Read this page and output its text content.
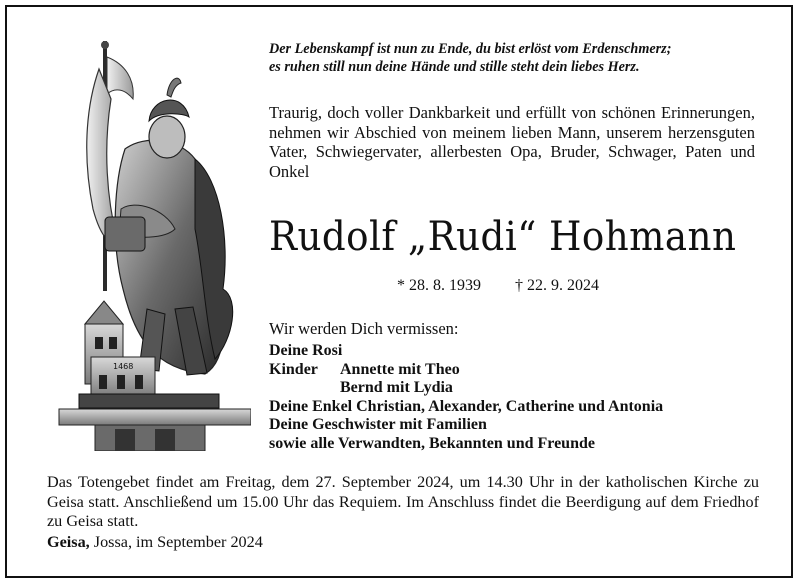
1468

Der Lebenskampf ist nun zu Ende, du bist erlöst vom Erdenschmerz;
es ruhen still nun deine Hände und stille steht dein liebes Herz.

Traurig, doch voller Dankbarkeit und erfüllt von schönen Erinnerungen, nehmen wir Abschied von meinem lieben Mann, unserem herzensguten Vater, Schwiegervater, allerbesten Opa, Bruder, Schwager, Paten und Onkel

Rudolf „Rudi“ Hohmann
* 28. 8. 1939 † 22. 9. 2024
Wir werden Dich vermissen:
Deine Rosi
Kinder Annette mit Theo
Bernd mit Lydia
Deine Enkel Christian, Alexander, Catherine und Antonia
Deine Geschwister mit Familien
sowie alle Verwandten, Bekannten und Freunde

Das Totengebet findet am Freitag, dem 27. September 2024, um 14.30 Uhr in der katholischen Kirche zu Geisa statt. Anschließend um 15.00 Uhr das Requiem. Im Anschluss findet die Beerdigung auf dem Friedhof zu Geisa statt.

Geisa, Jossa, im September 2024
